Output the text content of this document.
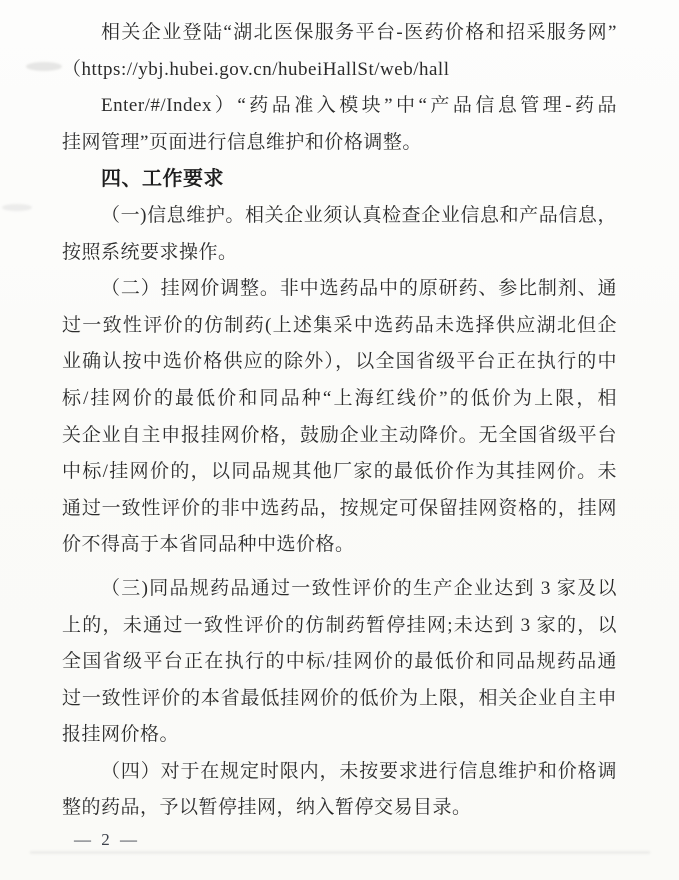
相关企业登陆“湖北医保服务平台-医药价格和招采服务网”
（https://ybj.hubei.gov.cn/hubeiHallSt/web/hall
Enter/#/Index）“药品准入模块”中“产品信息管理-药品
挂网管理”页面进行信息维护和价格调整。
四、工作要求
（一)信息维护。相关企业须认真检查企业信息和产品信息，
按照系统要求操作。
（二）挂网价调整。非中选药品中的原研药、参比制剂、通
过一致性评价的仿制药(上述集采中选药品未选择供应湖北但企
业确认按中选价格供应的除外），以全国省级平台正在执行的中
标/挂网价的最低价和同品种“上海红线价”的低价为上限，相
关企业自主申报挂网价格，鼓励企业主动降价。无全国省级平台
中标/挂网价的，以同品规其他厂家的最低价作为其挂网价。未
通过一致性评价的非中选药品，按规定可保留挂网资格的，挂网
价不得高于本省同品种中选价格。
（三)同品规药品通过一致性评价的生产企业达到 3 家及以
上的，未通过一致性评价的仿制药暂停挂网;未达到 3 家的，以
全国省级平台正在执行的中标/挂网价的最低价和同品规药品通
过一致性评价的本省最低挂网价的低价为上限，相关企业自主申
报挂网价格。
（四）对于在规定时限内，未按要求进行信息维护和价格调
整的药品，予以暂停挂网，纳入暂停交易目录。
— 2 —
